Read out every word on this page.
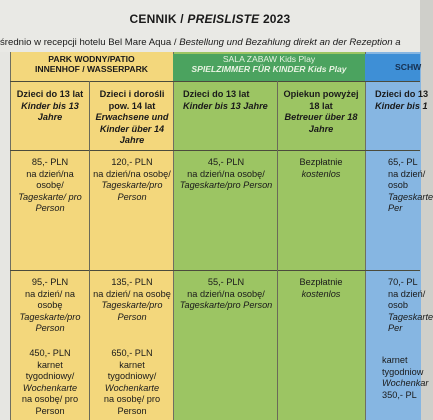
CENNIK / PREISLISTE 2023
średnio w recepcji hotelu Bel Mare Aqua / Bestellung und Bezahlung direkt an der Rezeption a
PARK WODNY/PATIO
INNENHOF / WASSERPARK
SALA ZABAW Kids Play
SPIELZIMMER FÜR KINDER Kids Play	SCHW
Dzieci do 13 lat
Kinder bis 13 Jahre
Dzieci i dorośli pow. 14 lat
Erwachsene und Kinder über 14 Jahre
Dzieci do 13 lat
Kinder bis 13 Jahre
Opiekun powyżej 18 lat
Betreuer über 18 Jahre
Dzieci do 13
Kinder bis 1
85,- PLN
na dzień/na osobę/
Tageskarte/ pro Person
120,- PLN
na dzień/na osobę/
Tageskarte/pro Person
45,- PLN
na dzień/na osobę/
Tageskarte/pro Person
Bezpłatnie
kostenlos
65,- PL
na dzień/
osob
Tageskarte
Per
95,- PLN
na dzień/ na osobę
Tageskarte/pro Person
135,- PLN
na dzień/ na osobę
Tageskarte/pro Person
55,- PLN
na dzień/na osobę/
Tageskarte/pro Person
Bezpłatnie
kostenlos
70,- PL
na dzień/
osob
Tageskarte
Per
450,- PLN
karnet
tygodniowy/
Wochenkarte
na osobę/ pro
Person
650,- PLN
karnet
tygodniowy/
Wochenkarte
na osobę/ pro
Person
karnet
tygodniow
Wochenkar
350,- PL
